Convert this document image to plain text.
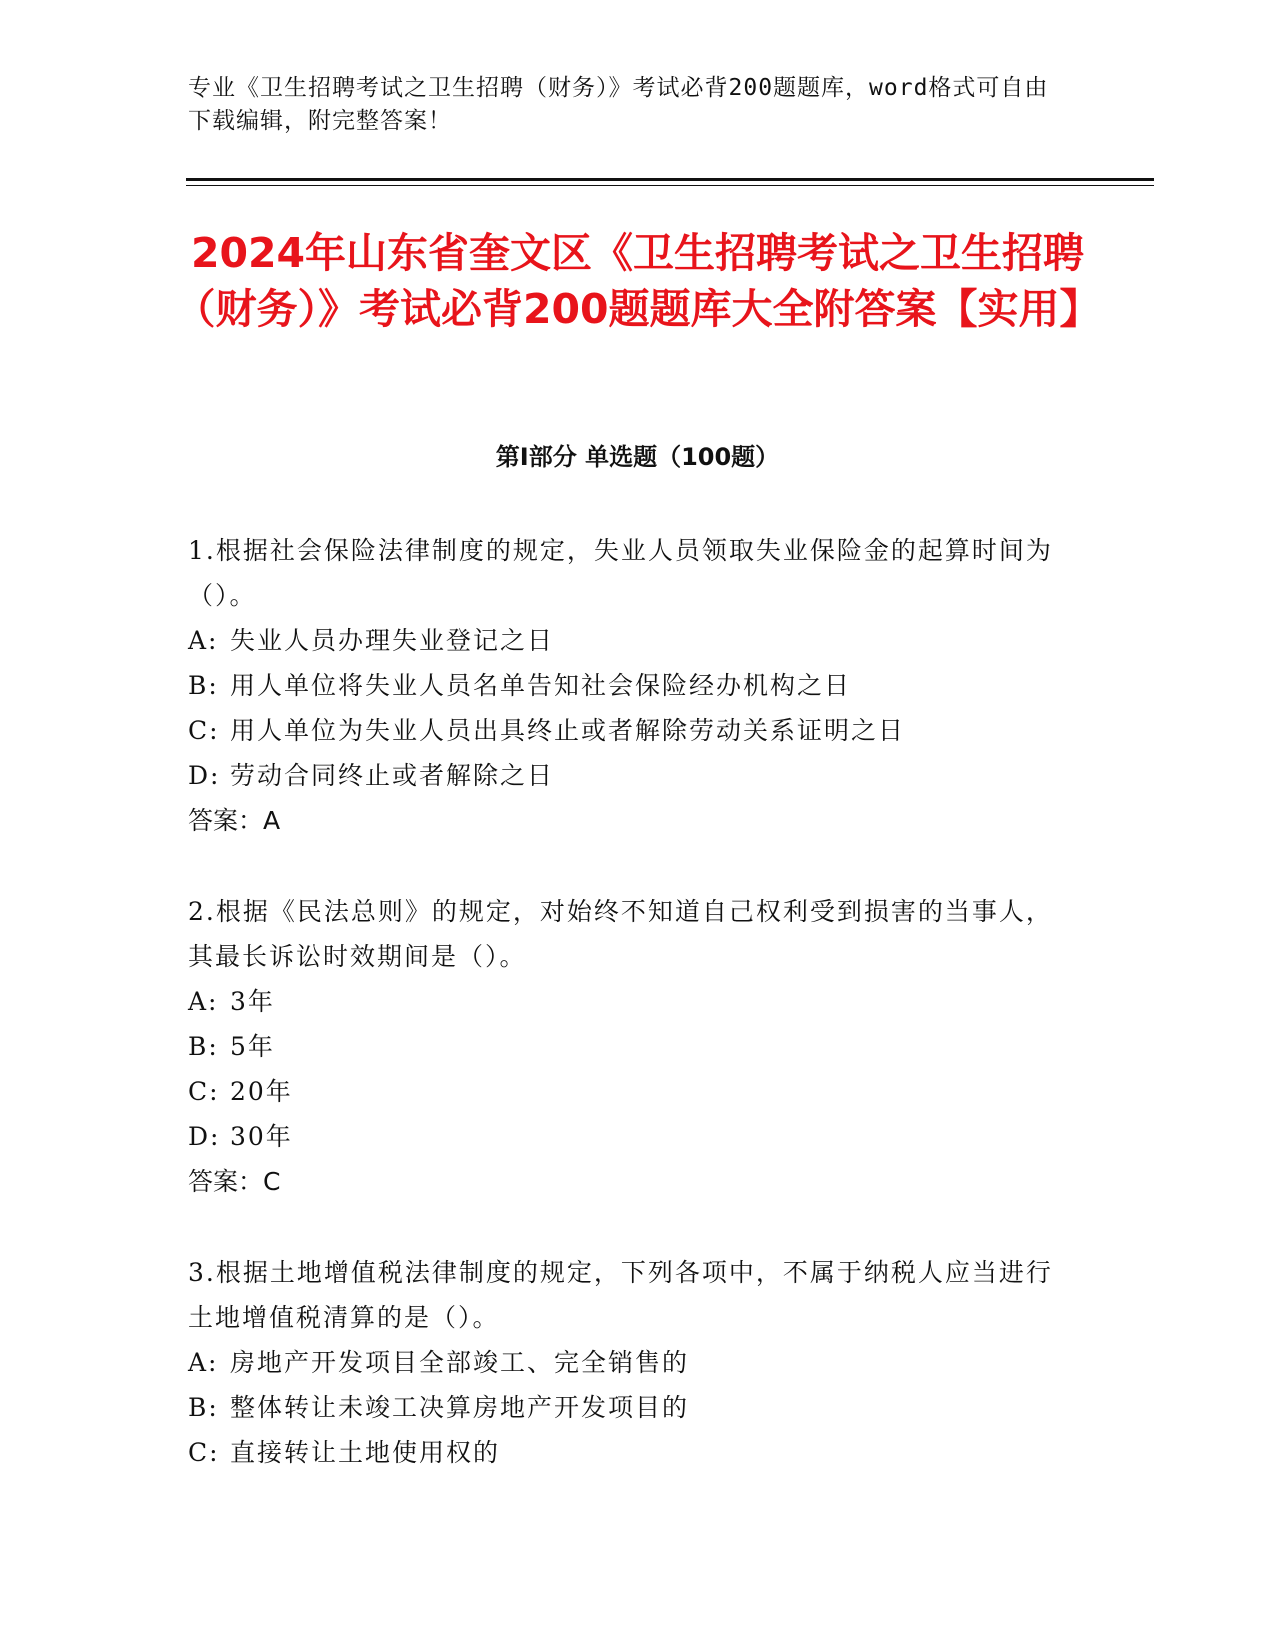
专业《卫生招聘考试之卫生招聘（财务）》考试必背200题题库，word格式可自由下载编辑，附完整答案！
2024年山东省奎文区《卫生招聘考试之卫生招聘（财务）》考试必背200题题库大全附答案【实用】
第I部分 单选题（100题）

1.根据社会保险法律制度的规定，失业人员领取失业保险金的起算时间为（）。

A: 失业人员办理失业登记之日
B: 用人单位将失业人员名单告知社会保险经办机构之日
C: 用人单位为失业人员出具终止或者解除劳动关系证明之日
D: 劳动合同终止或者解除之日
答案：A

2.根据《民法总则》的规定，对始终不知道自己权利受到损害的当事人，其最长诉讼时效期间是（）。

A: 3年
B: 5年
C: 20年
D: 30年
答案：C

3.根据土地增值税法律制度的规定，下列各项中，不属于纳税人应当进行土地增值税清算的是（）。

A: 房地产开发项目全部竣工、完全销售的
B: 整体转让未竣工决算房地产开发项目的
C: 直接转让土地使用权的
